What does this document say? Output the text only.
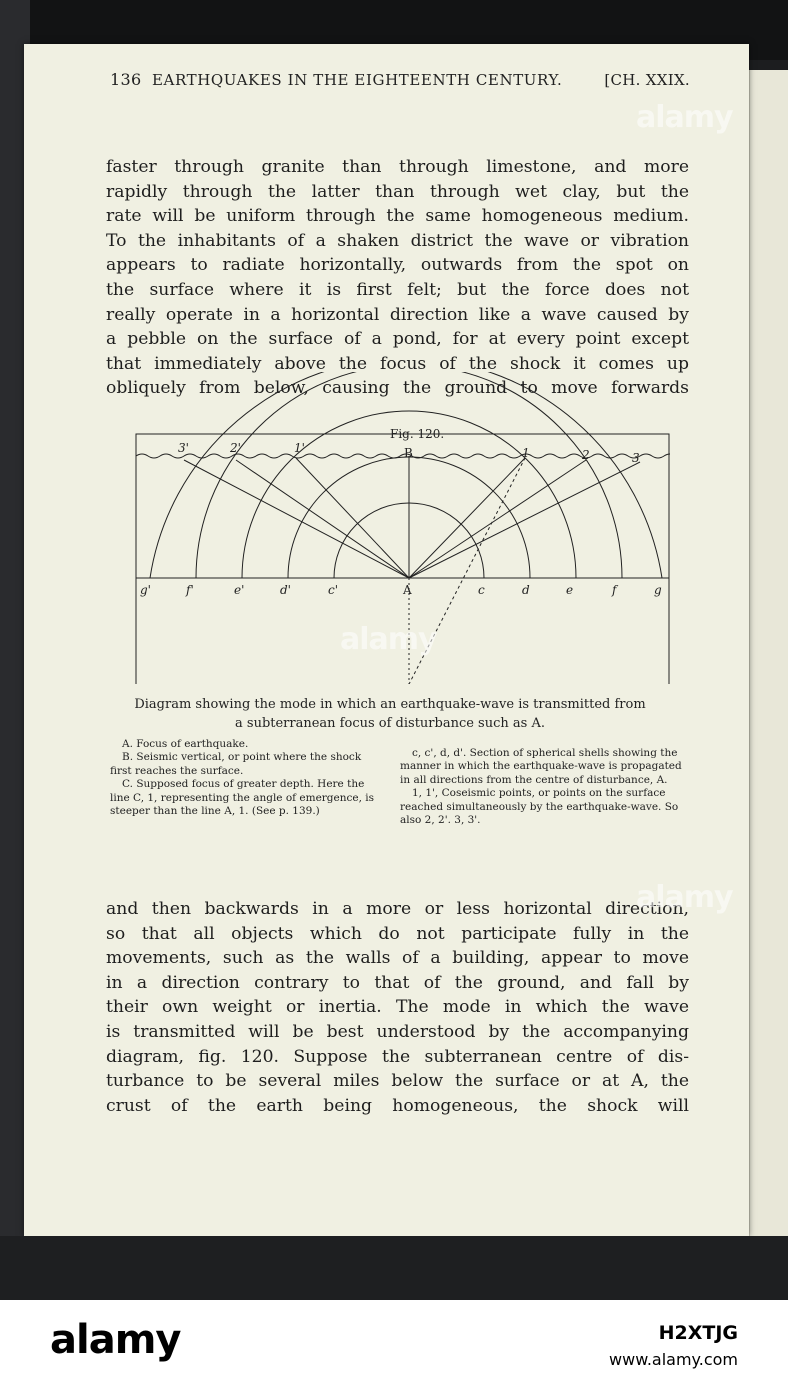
136 EARTHQUAKES IN THE EIGHTEENTH CENTURY.	[CH. XXIX.
faster through granite than through limestone, and more
rapidly through the latter than through wet clay, but the
rate will be uniform through the same homogeneous medium.
To the inhabitants of a shaken district the wave or vibration
appears to radiate horizontally, outwards from the spot on
the surface where it is first felt; but the force does not
really operate in a horizontal direction like a wave caused by
a pebble on the surface of a pond, for at every point except
that immediately above the focus of the shock it comes up
obliquely from below, causing the ground to move forwards
Fig. 120.
3'	2'	1'	B	1	2	3
g'	f'	e'	d'	c'	A	c	d	e	f	g
Diagram showing the mode in which an earthquake-wave is transmitted from
a subterranean focus of disturbance such as A.
A. Focus of earthquake.
B. Seismic vertical, or point where the shock first reaches the surface.
C. Supposed focus of greater depth. Here the line C, 1, representing the angle of emergence, is steeper than the line A, 1. (See p. 139.)
c, c', d, d'. Section of spherical shells showing the manner in which the earthquake-wave is propagated in all directions from the centre of disturbance, A.
1, 1', Coseismic points, or points on the surface reached simultaneously by the earthquake-wave. So also 2, 2'. 3, 3'.
and then backwards in a more or less horizontal direction,
so that all objects which do not participate fully in the
movements, such as the walls of a building, appear to move
in a direction contrary to that of the ground, and fall by
their own weight or inertia. The mode in which the wave
is transmitted will be best understood by the accompanying
diagram, fig. 120. Suppose the subterranean centre of dis-
turbance to be several miles below the surface or at A, the
crust of the earth being homogeneous, the shock will
alamy
alamy
alamy
alamy	H2XTJG
www.alamy.com
